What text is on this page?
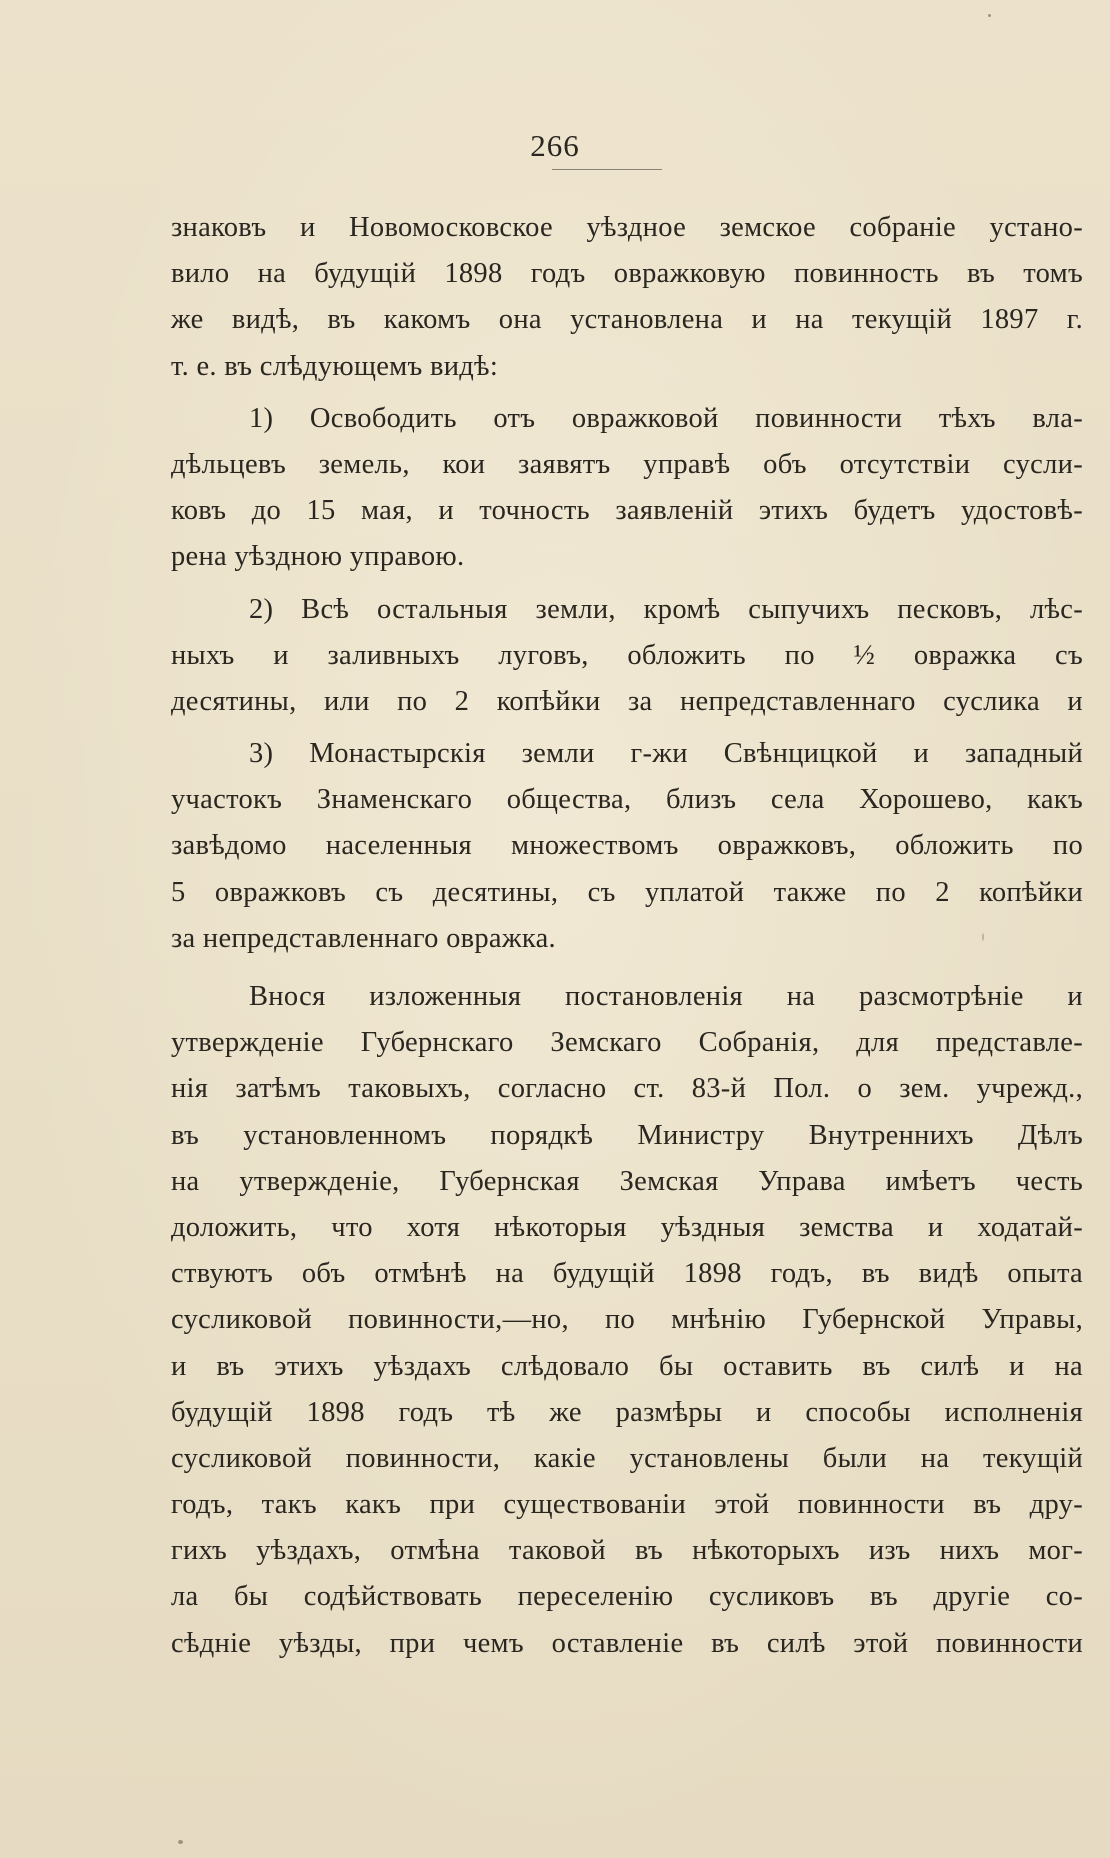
266
знаковъ и Новомосковское уѣздное земское собраніе устано-
вило на будущій 1898 годъ овражковую повинность въ томъ
же видѣ, въ какомъ она установлена и на текущій 1897 г.
т. е. въ слѣдующемъ видѣ:
1) Освободить отъ овражковой повинности тѣхъ вла-
дѣльцевъ земель, кои заявятъ управѣ объ отсутствіи сусли-
ковъ до 15 мая, и точность заявленій этихъ будетъ удостовѣ-
рена уѣздною управою.
2) Всѣ остальныя земли, кромѣ сыпучихъ песковъ, лѣс-
ныхъ и заливныхъ луговъ, обложить по ½ овражка съ
десятины, или по 2 копѣйки за непредставленнаго суслика и
3) Монастырскія земли г-жи Свѣнцицкой и западный
участокъ Знаменскаго общества, близъ села Хорошево, какъ
завѣдомо населенныя множествомъ овражковъ, обложить по
5 овражковъ съ десятины, съ уплатой также по 2 копѣйки
за непредставленнаго овражка.
Внося изложенныя постановленія на разсмотрѣніе и
утвержденіе Губернскаго Земскаго Собранія, для представле-
нія затѣмъ таковыхъ, согласно ст. 83-й Пол. о зем. учрежд.,
въ установленномъ порядкѣ Министру Внутреннихъ Дѣлъ
на утвержденіе, Губернская Земская Управа имѣетъ честь
доложить, что хотя нѣкоторыя уѣздныя земства и ходатай-
ствуютъ объ отмѣнѣ на будущій 1898 годъ, въ видѣ опыта
сусликовой повинности,—но, по мнѣнію Губернской Управы,
и въ этихъ уѣздахъ слѣдовало бы оставить въ силѣ и на
будущій 1898 годъ тѣ же размѣры и способы исполненія
сусликовой повинности, какіе установлены были на текущій
годъ, такъ какъ при существованіи этой повинности въ дру-
гихъ уѣздахъ, отмѣна таковой въ нѣкоторыхъ изъ нихъ мог-
ла бы содѣйствовать переселенію сусликовъ въ другіе со-
сѣдніе уѣзды, при чемъ оставленіе въ силѣ этой повинности
